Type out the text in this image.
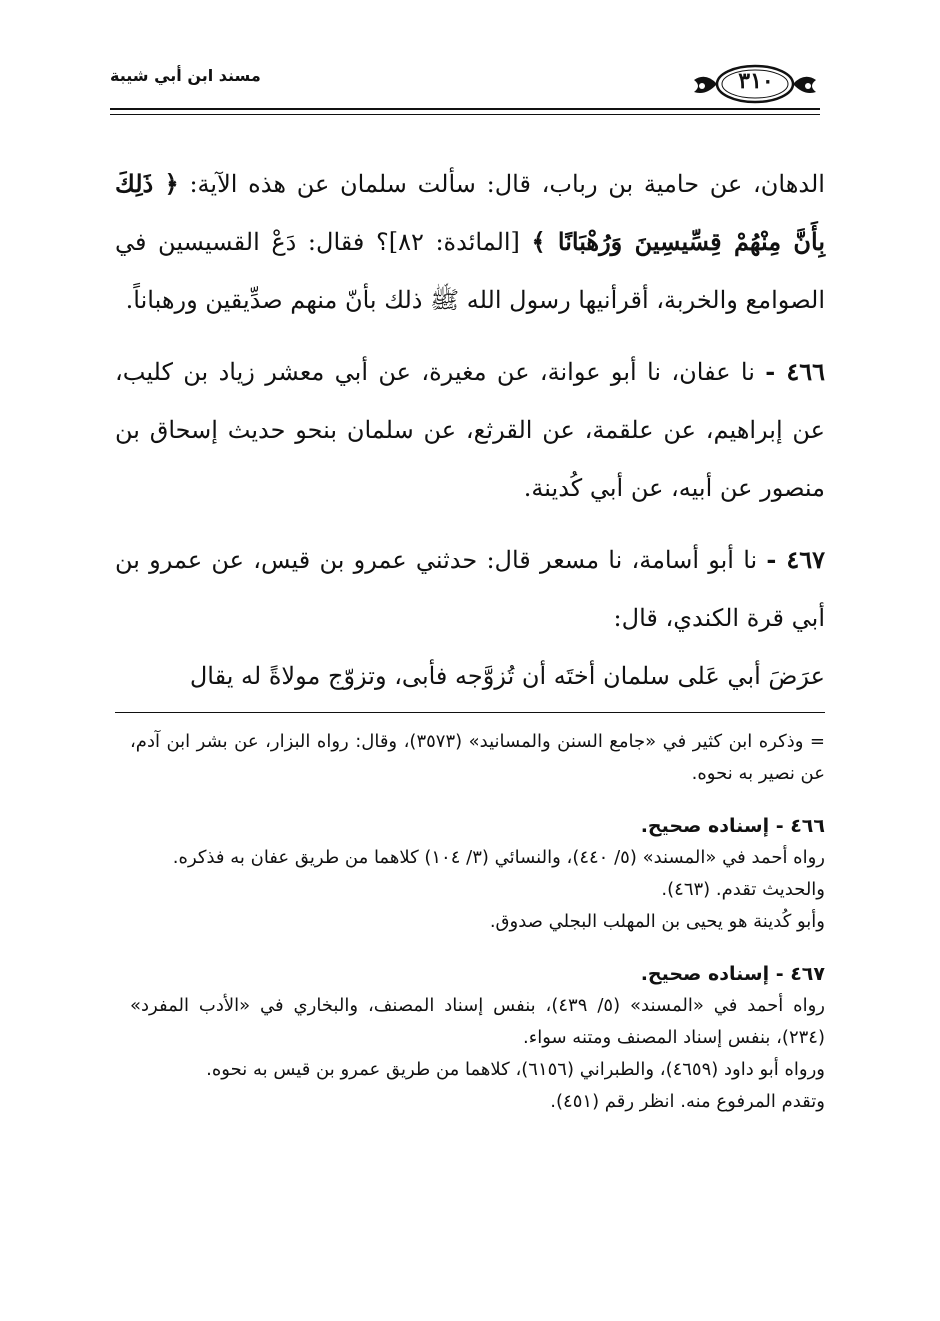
مسند ابن أبي شيبة	٣١٠

الدهان، عن حامية بن رباب، قال: سألت سلمان عن هذه الآية: ﴿ ذَلِكَ بِأَنَّ مِنْهُمْ قِسِّيسِينَ وَرُهْبَانًا ﴾ [المائدة: ٨٢]؟ فقال: دَعْ القسيسين في الصوامع والخربة، أقرأنيها رسول الله ﷺ ذلك بأنّ منهم صدِّيقين ورهباناً.

٤٦٦ - نا عفان، نا أبو عوانة، عن مغيرة، عن أبي معشر زياد بن كليب، عن إبراهيم، عن علقمة، عن القرثع، عن سلمان بنحو حديث إسحاق بن منصور عن أبيه، عن أبي كُدينة.

٤٦٧ - نا أبو أسامة، نا مسعر قال: حدثني عمرو بن قيس، عن عمرو بن أبي قرة الكندي، قال:

عرَضَ أبي عَلى سلمان أختَه أن تُزوَّجه فأبى، وتزوّج مولاةً له يقال

= وذكره ابن كثير في «جامع السنن والمسانيد» (٣٥٧٣)، وقال: رواه البزار، عن بشر ابن آدم، عن نصير به نحوه.

٤٦٦ - إسناده صحيح.

رواه أحمد في «المسند» (٥/ ٤٤٠)، والنسائي (٣/ ١٠٤) كلاهما من طريق عفان به فذكره.

والحديث تقدم. (٤٦٣).

وأبو كُدينة هو يحيى بن المهلب البجلي صدوق.

٤٦٧ - إسناده صحيح.

رواه أحمد في «المسند» (٥/ ٤٣٩)، بنفس إسناد المصنف، والبخاري في «الأدب المفرد» (٢٣٤)، بنفس إسناد المصنف ومتنه سواء.

ورواه أبو داود (٤٦٥٩)، والطبراني (٦١٥٦)، كلاهما من طريق عمرو بن قيس به نحوه.

وتقدم المرفوع منه. انظر رقم (٤٥١).
